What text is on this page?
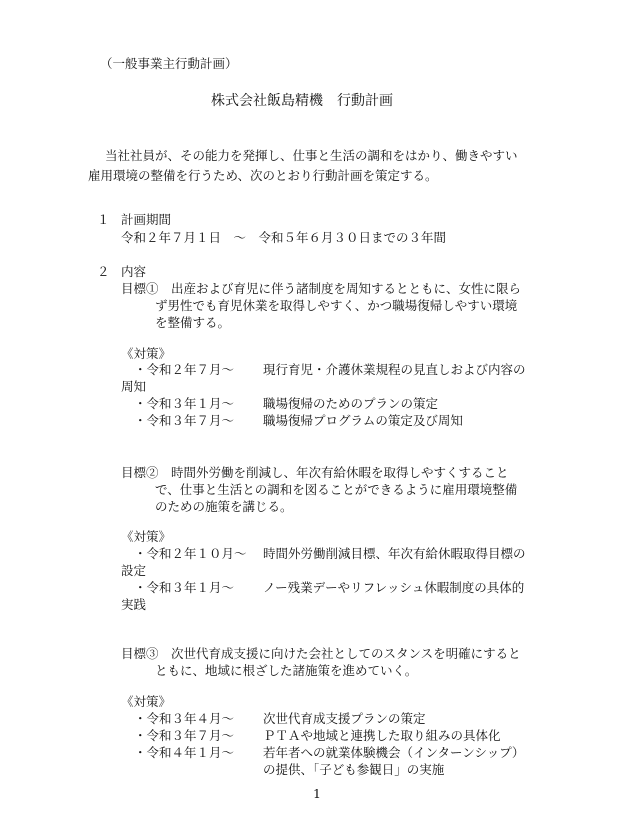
（一般事業主行動計画）
株式会社飯島精機　行動計画
当社社員が、その能力を発揮し、仕事と生活の調和をはかり、働きやすい
雇用環境の整備を行うため、次のとおり行動計画を策定する。
１ 計画期間
令和２年７月１日　～　令和５年６月３０日までの３年間
２ 内容
目標① 出産および育児に伴う諸制度を周知するとともに、女性に限ら
ず男性でも育児休業を取得しやすく、かつ職場復帰しやすい環境
を整備する。
《対策》
・令和２年７月～ 現行育児・介護休業規程の見直しおよび内容の
周知
・令和３年１月～ 職場復帰のためのプランの策定
・令和３年７月～ 職場復帰プログラムの策定及び周知
目標② 時間外労働を削減し、年次有給休暇を取得しやすくすること
で、仕事と生活との調和を図ることができるように雇用環境整備
のための施策を講じる。
《対策》
・令和２年１０月～ 時間外労働削減目標、年次有給休暇取得目標の
設定
・令和３年１月～ ノー残業デーやリフレッシュ休暇制度の具体的
実践
目標③ 次世代育成支援に向けた会社としてのスタンスを明確にすると
ともに、地域に根ざした諸施策を進めていく。
《対策》
・令和３年４月～ 次世代育成支援プランの策定
・令和３年７月～ ＰＴＡや地域と連携した取り組みの具体化
・令和４年１月～ 若年者への就業体験機会（インターンシップ）
の提供、「子ども参観日」の実施
1
